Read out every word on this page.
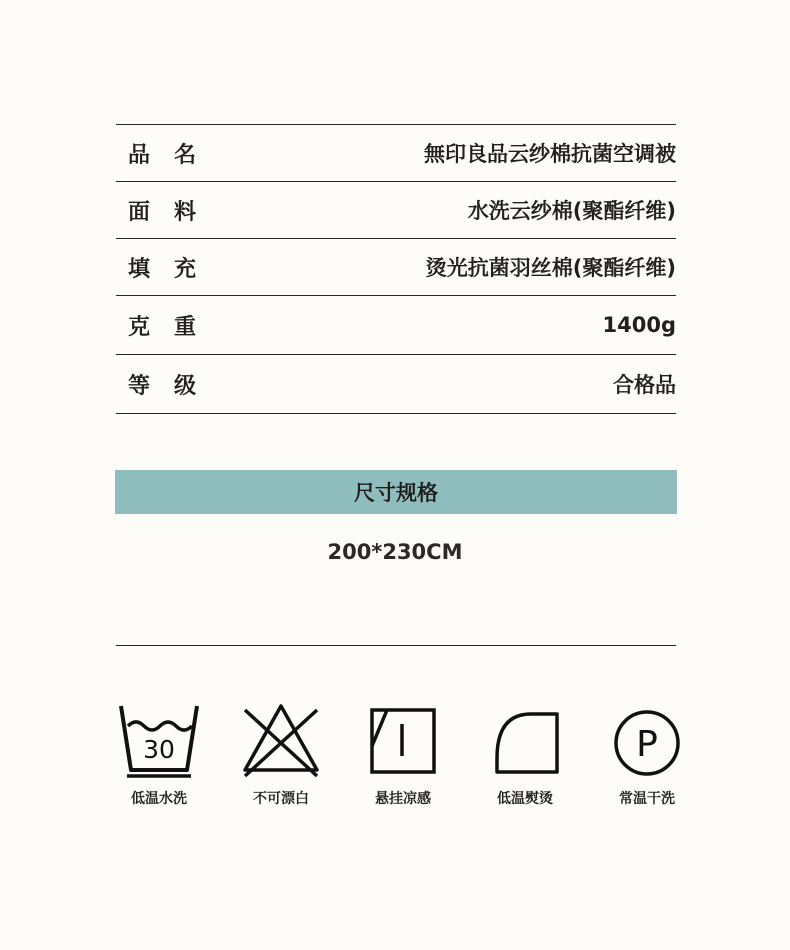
品 名	無印良品云纱棉抗菌空调被
面 料	水洗云纱棉(聚酯纤维)
填 充	烫光抗菌羽丝棉(聚酯纤维)
克 重	1400g
等 级	合格品
尺寸规格
200*230CM
30
低温水洗	不可漂白	悬挂凉感	低温熨烫
P
常温干洗
